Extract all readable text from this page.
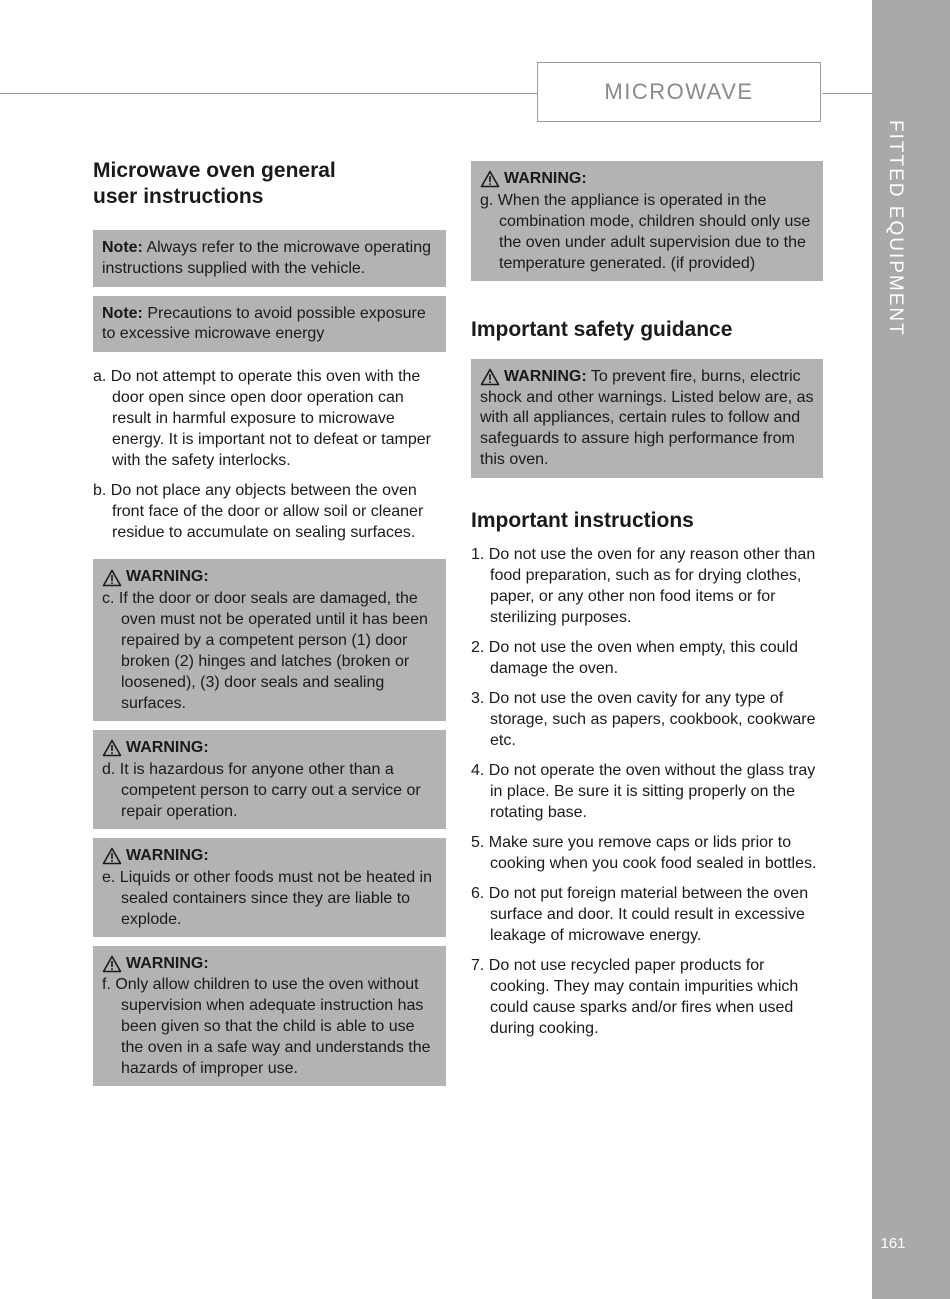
MICROWAVE
FITTED EQUIPMENT
161
Microwave oven general
user instructions
Note: Always refer to the microwave operating instructions supplied with the vehicle.
Note: Precautions to avoid possible exposure to excessive microwave energy
a. Do not attempt to operate this oven with the door open since open door operation can result in harmful exposure to microwave energy. It is important not to defeat or tamper with the safety interlocks.
b. Do not place any objects between the oven front face of the door or allow soil or cleaner residue to accumulate on sealing surfaces.
WARNING:
c. If the door or door seals are damaged, the oven must not be operated until it has been repaired by a competent person (1) door broken (2) hinges and latches (broken or loosened), (3) door seals and sealing surfaces.
WARNING:
d. It is hazardous for anyone other than a competent person to carry out a service or repair operation.
WARNING:
e. Liquids or other foods must not be heated in sealed containers since they are liable to explode.
WARNING:
f. Only allow children to use the oven without supervision when adequate instruction has been given so that the child is able to use the oven in a safe way and understands the hazards of improper use.
WARNING:
g. When the appliance is operated in the combination mode, children should only use the oven under adult supervision due to the temperature generated. (if provided)
Important safety guidance
WARNING: To prevent fire, burns, electric shock and other warnings. Listed below are, as with all appliances, certain rules to follow and safeguards to assure high performance from this oven.
Important instructions
1. Do not use the oven for any reason other than food preparation, such as for drying clothes, paper, or any other non food items or for sterilizing purposes.
2. Do not use the oven when empty, this could damage the oven.
3. Do not use the oven cavity for any type of storage, such as papers, cookbook, cookware etc.
4. Do not operate the oven without the glass tray in place. Be sure it is sitting properly on the rotating base.
5. Make sure you remove caps or lids prior to cooking when you cook food sealed in bottles.
6. Do not put foreign material between the oven surface and door. It could result in excessive leakage of microwave energy.
7. Do not use recycled paper products for cooking. They may contain impurities which could cause sparks and/or fires when used during cooking.
